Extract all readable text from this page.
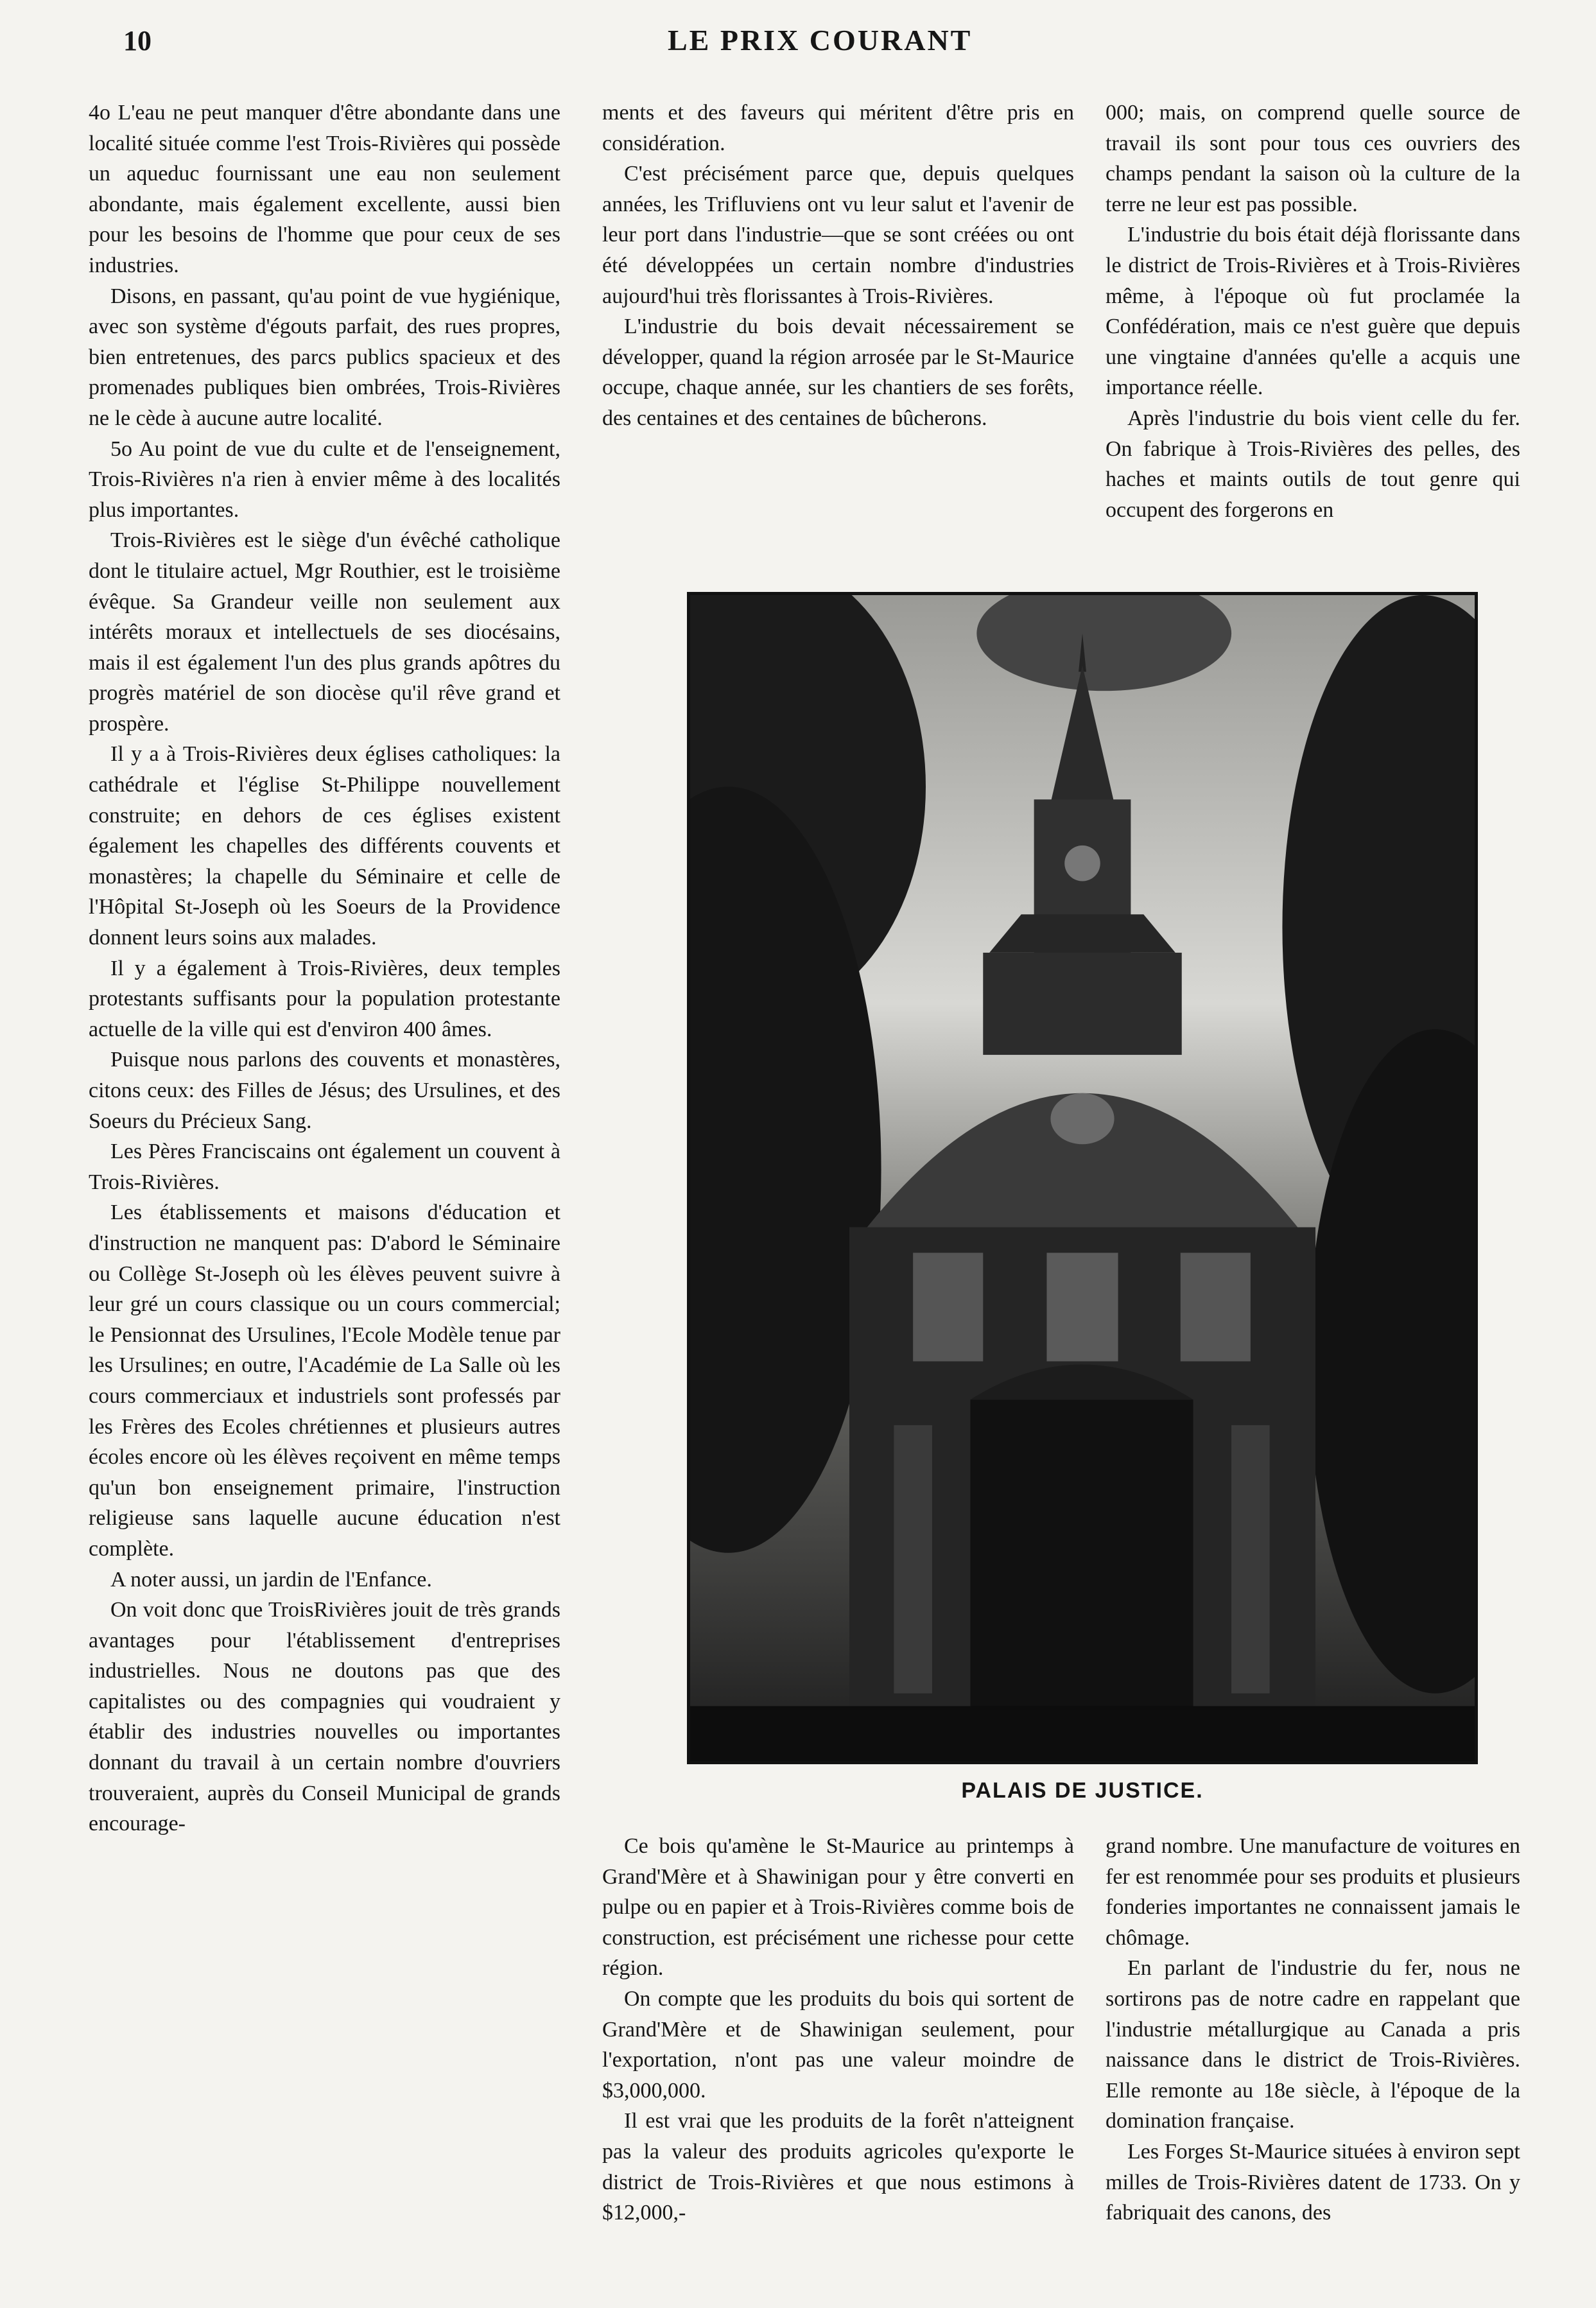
10	LE PRIX COURANT

4o L'eau ne peut manquer d'être abondante dans une localité située comme l'est Trois-Rivières qui possède un aqueduc fournissant une eau non seulement abondante, mais également excellente, aussi bien pour les besoins de l'homme que pour ceux de ses industries.

Disons, en passant, qu'au point de vue hygiénique, avec son système d'égouts parfait, des rues propres, bien entretenues, des parcs publics spacieux et des promenades publiques bien ombrées, Trois-Rivières ne le cède à aucune autre localité.

5o Au point de vue du culte et de l'enseignement, Trois-Rivières n'a rien à envier même à des localités plus importantes.

Trois-Rivières est le siège d'un évêché catholique dont le titulaire actuel, Mgr Routhier, est le troisième évêque. Sa Grandeur veille non seulement aux intérêts moraux et intellectuels de ses diocésains, mais il est également l'un des plus grands apôtres du progrès matériel de son diocèse qu'il rêve grand et prospère.

Il y a à Trois-Rivières deux églises catholiques: la cathédrale et l'église St-Philippe nouvellement construite; en dehors de ces églises existent également les chapelles des différents couvents et monastères; la chapelle du Séminaire et celle de l'Hôpital St-Joseph où les Soeurs de la Providence donnent leurs soins aux malades.

Il y a également à Trois-Rivières, deux temples protestants suffisants pour la population protestante actuelle de la ville qui est d'environ 400 âmes.

Puisque nous parlons des couvents et monastères, citons ceux: des Filles de Jésus; des Ursulines, et des Soeurs du Précieux Sang.

Les Pères Franciscains ont également un couvent à Trois-Rivières.

Les établissements et maisons d'éducation et d'instruction ne manquent pas: D'abord le Séminaire ou Collège St-Joseph où les élèves peuvent suivre à leur gré un cours classique ou un cours commercial; le Pensionnat des Ursulines, l'Ecole Modèle tenue par les Ursulines; en outre, l'Académie de La Salle où les cours commerciaux et industriels sont professés par les Frères des Ecoles chrétiennes et plusieurs autres écoles encore où les élèves reçoivent en même temps qu'un bon enseignement primaire, l'instruction religieuse sans laquelle aucune éducation n'est complète.

A noter aussi, un jardin de l'Enfance.

On voit donc que TroisRivières jouit de très grands avantages pour l'établissement d'entreprises industrielles. Nous ne doutons pas que des capitalistes ou des compagnies qui voudraient y établir des industries nouvelles ou importantes donnant du travail à un certain nombre d'ouvriers trouveraient, auprès du Conseil Municipal de grands encourage-

ments et des faveurs qui méritent d'être pris en considération.

C'est précisément parce que, depuis quelques années, les Trifluviens ont vu leur salut et l'avenir de leur port dans l'industrie—que se sont créées ou ont été développées un certain nombre d'industries aujourd'hui très florissantes à Trois-Rivières.

L'industrie du bois devait nécessairement se développer, quand la région arrosée par le St-Maurice occupe, chaque année, sur les chantiers de ses forêts, des centaines et des centaines de bûcherons.

000; mais, on comprend quelle source de travail ils sont pour tous ces ouvriers des champs pendant la saison où la culture de la terre ne leur est pas possible.

L'industrie du bois était déjà florissante dans le district de Trois-Rivières et à Trois-Rivières même, à l'époque où fut proclamée la Confédération, mais ce n'est guère que depuis une vingtaine d'années qu'elle a acquis une importance réelle.

Après l'industrie du bois vient celle du fer. On fabrique à Trois-Rivières des pelles, des haches et maints outils de tout genre qui occupent des forgerons en

PALAIS DE JUSTICE.

Ce bois qu'amène le St-Maurice au printemps à Grand'Mère et à Shawinigan pour y être converti en pulpe ou en papier et à Trois-Rivières comme bois de construction, est précisément une richesse pour cette région.

On compte que les produits du bois qui sortent de Grand'Mère et de Shawinigan seulement, pour l'exportation, n'ont pas une valeur moindre de $3,000,000.

Il est vrai que les produits de la forêt n'atteignent pas la valeur des produits agricoles qu'exporte le district de Trois-Rivières et que nous estimons à $12,000,-

grand nombre. Une manufacture de voitures en fer est renommée pour ses produits et plusieurs fonderies importantes ne connaissent jamais le chômage.

En parlant de l'industrie du fer, nous ne sortirons pas de notre cadre en rappelant que l'industrie métallurgique au Canada a pris naissance dans le district de Trois-Rivières. Elle remonte au 18e siècle, à l'époque de la domination française.

Les Forges St-Maurice situées à environ sept milles de Trois-Rivières datent de 1733. On y fabriquait des canons, des
